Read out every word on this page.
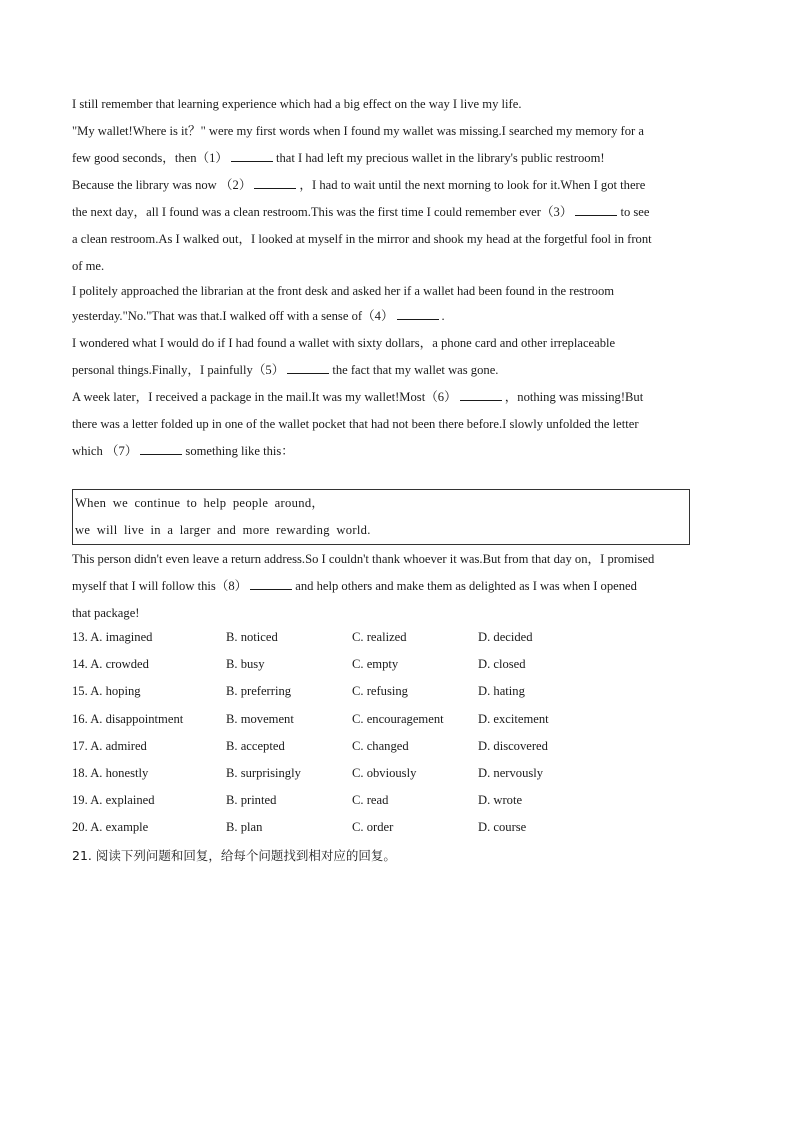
I still remember that learning experience which had a big effect on the way I live my life.
"My wallet!Where is it？" were my first words when I found my wallet was missing.I searched my memory for a
few good seconds，then（1）	that I had left my precious wallet in the library's public restroom!
Because the library was now （2）	，I had to wait until the next morning to look for it.When I got there
the next day，all I found was a clean restroom.This was the first time I could remember ever（3）	to see
a clean restroom.As I walked out，I looked at myself in the mirror and shook my head at the forgetful fool in front
of me.
I politely approached the librarian at the front desk and asked her if a wallet had been found in the restroom
yesterday."No."That was that.I walked off with a sense of（4）	.
I wondered what I would do if I had found a wallet with sixty dollars，a phone card and other irreplaceable
personal things.Finally，I painfully（5）	the fact that my wallet was gone.
A week later，I received a package in the mail.It was my wallet!Most（6）	，nothing was missing!But
there was a letter folded up in one of the wallet pocket that had not been there before.I slowly unfolded the letter
which （7）	something like this：
When we continue to help people around，
we will live in a larger and more rewarding world.
This person didn't even leave a return address.So I couldn't thank whoever it was.But from that day on，I promised
myself that I will follow this（8）	and help others and make them as delighted as I was when I opened
that package!
13. A. imagined	B. noticed	C. realized	D. decided
14. A. crowded	B. busy	C. empty	D. closed
15. A. hoping	B. preferring	C. refusing	D. hating
16. A. disappointment	B. movement	C. encouragement	D. excitement
17. A. admired	B. accepted	C. changed	D. discovered
18. A. honestly	B. surprisingly	C. obviously	D. nervously
19. A. explained	B. printed	C. read	D. wrote
20. A. example	B. plan	C. order	D. course
21. 阅读下列问题和回复，给每个问题找到相对应的回复。
